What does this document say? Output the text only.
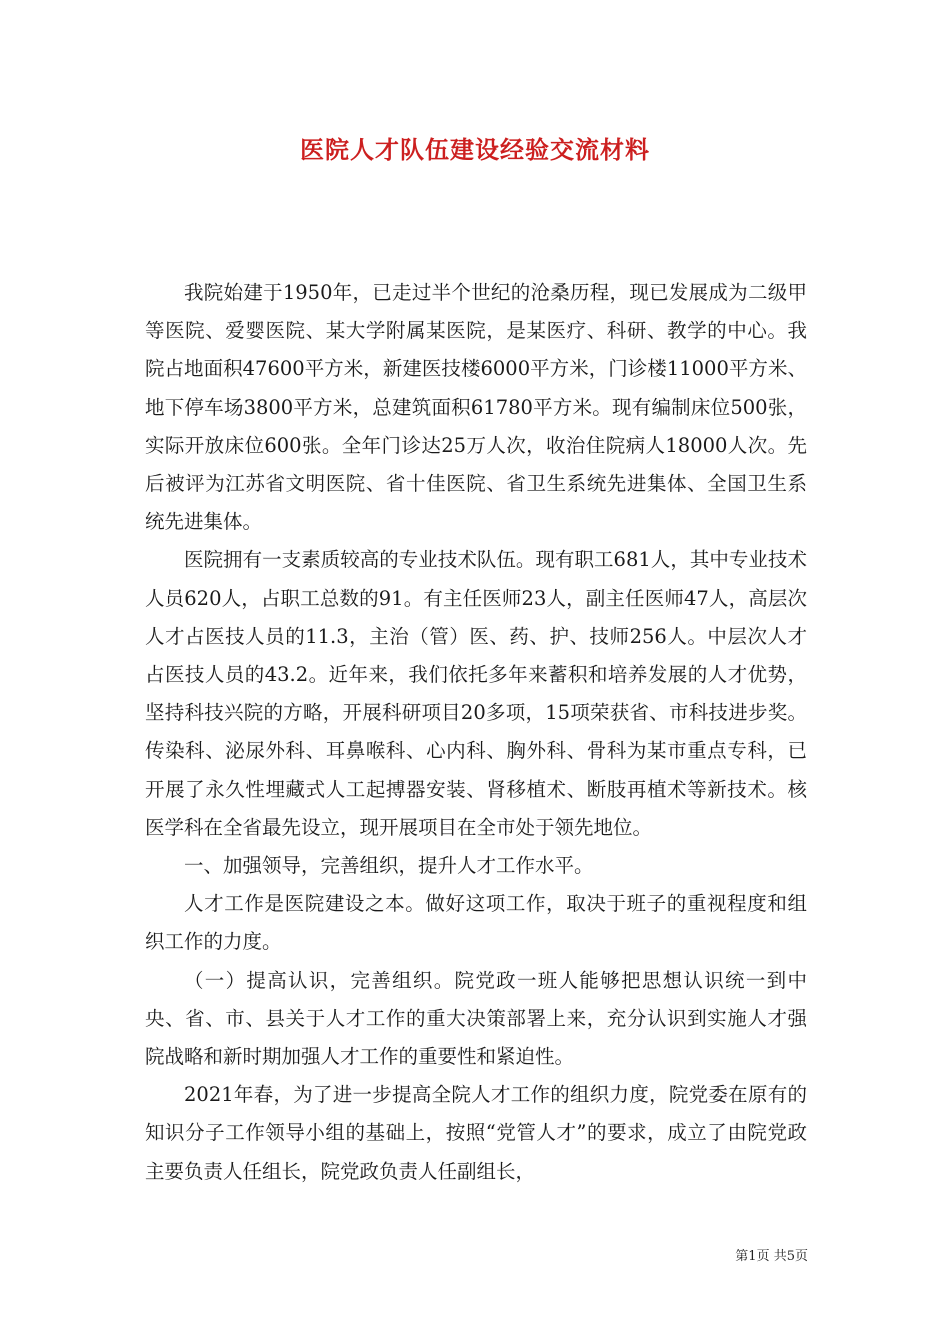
医院人才队伍建设经验交流材料

我院始建于1950年，已走过半个世纪的沧桑历程，现已发展成为二级甲等医院、爱婴医院、某大学附属某医院，是某医疗、科研、教学的中心。我院占地面积47600平方米，新建医技楼6000平方米，门诊楼11000平方米、地下停车场3800平方米，总建筑面积61780平方米。现有编制床位500张，实际开放床位600张。全年门诊达25万人次，收治住院病人18000人次。先后被评为江苏省文明医院、省十佳医院、省卫生系统先进集体、全国卫生系统先进集体。

医院拥有一支素质较高的专业技术队伍。现有职工681人，其中专业技术人员620人，占职工总数的91。有主任医师23人，副主任医师47人，高层次人才占医技人员的11.3，主治（管）医、药、护、技师256人。中层次人才占医技人员的43.2。近年来，我们依托多年来蓄积和培养发展的人才优势，坚持科技兴院的方略，开展科研项目20多项，15项荣获省、市科技进步奖。传染科、泌尿外科、耳鼻喉科、心内科、胸外科、骨科为某市重点专科，已开展了永久性埋藏式人工起搏器安装、肾移植术、断肢再植术等新技术。核医学科在全省最先设立，现开展项目在全市处于领先地位。

一、加强领导，完善组织，提升人才工作水平。

人才工作是医院建设之本。做好这项工作，取决于班子的重视程度和组织工作的力度。

（一）提高认识，完善组织。院党政一班人能够把思想认识统一到中央、省、市、县关于人才工作的重大决策部署上来，充分认识到实施人才强院战略和新时期加强人才工作的重要性和紧迫性。

2021年春，为了进一步提高全院人才工作的组织力度，院党委在原有的知识分子工作领导小组的基础上，按照“党管人才”的要求，成立了由院党政主要负责人任组长，院党政负责人任副组长，

第1页 共5页
